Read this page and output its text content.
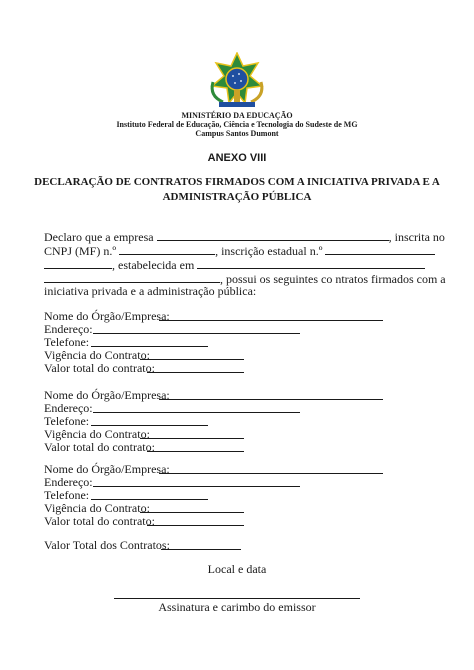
MINISTÉRIO DA EDUCAÇÃO
Instituto Federal de Educação, Ciência e Tecnologia do Sudeste de MG
Campus Santos Dumont
ANEXO VIII
DECLARAÇÃO DE CONTRATOS FIRMADOS COM A INICIATIVA PRIVADA E A
ADMINISTRAÇÃO PÚBLICA
Declaro que a empresa	, inscrita no
CNPJ (MF) n.º	, inscrição estadual n.º
, estabelecida em
, possui os seguintes co ntratos firmados com a
iniciativa privada e a administração pública:
Nome do Órgão/Empresa:
Endereço:
Telefone:
Vigência do Contrato:
Valor total do contrato:
Nome do Órgão/Empresa:
Endereço:
Telefone:
Vigência do Contrato:
Valor total do contrato:
Nome do Órgão/Empresa:
Endereço:
Telefone:
Vigência do Contrato:
Valor total do contrato:
Valor Total dos Contratos:
Local e data
Assinatura e carimbo do emissor
